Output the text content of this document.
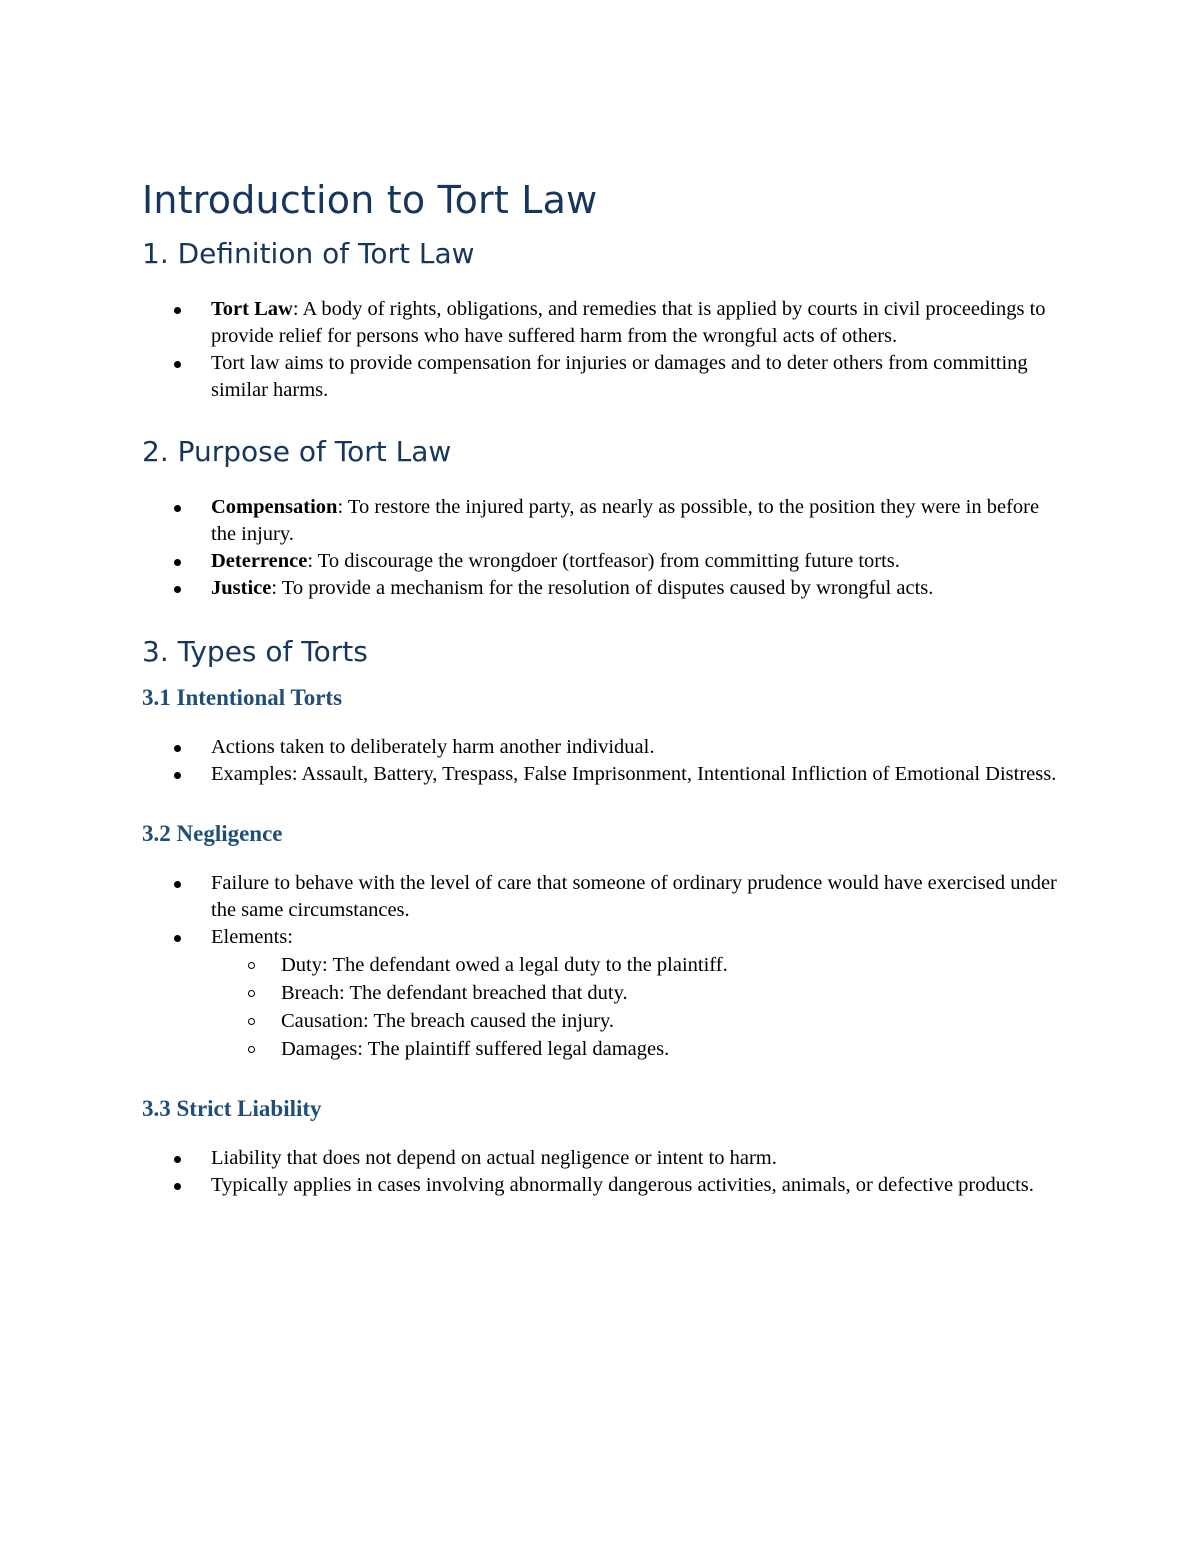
Introduction to Tort Law
1. Definition of Tort Law
Tort Law: A body of rights, obligations, and remedies that is applied by courts in civil proceedings to provide relief for persons who have suffered harm from the wrongful acts of others.
Tort law aims to provide compensation for injuries or damages and to deter others from committing similar harms.
2. Purpose of Tort Law
Compensation: To restore the injured party, as nearly as possible, to the position they were in before the injury.
Deterrence: To discourage the wrongdoer (tortfeasor) from committing future torts.
Justice: To provide a mechanism for the resolution of disputes caused by wrongful acts.
3. Types of Torts
3.1 Intentional Torts
Actions taken to deliberately harm another individual.
Examples: Assault, Battery, Trespass, False Imprisonment, Intentional Infliction of Emotional Distress.
3.2 Negligence
Failure to behave with the level of care that someone of ordinary prudence would have exercised under the same circumstances.
Elements:
Duty: The defendant owed a legal duty to the plaintiff.
Breach: The defendant breached that duty.
Causation: The breach caused the injury.
Damages: The plaintiff suffered legal damages.
3.3 Strict Liability
Liability that does not depend on actual negligence or intent to harm.
Typically applies in cases involving abnormally dangerous activities, animals, or defective products.
